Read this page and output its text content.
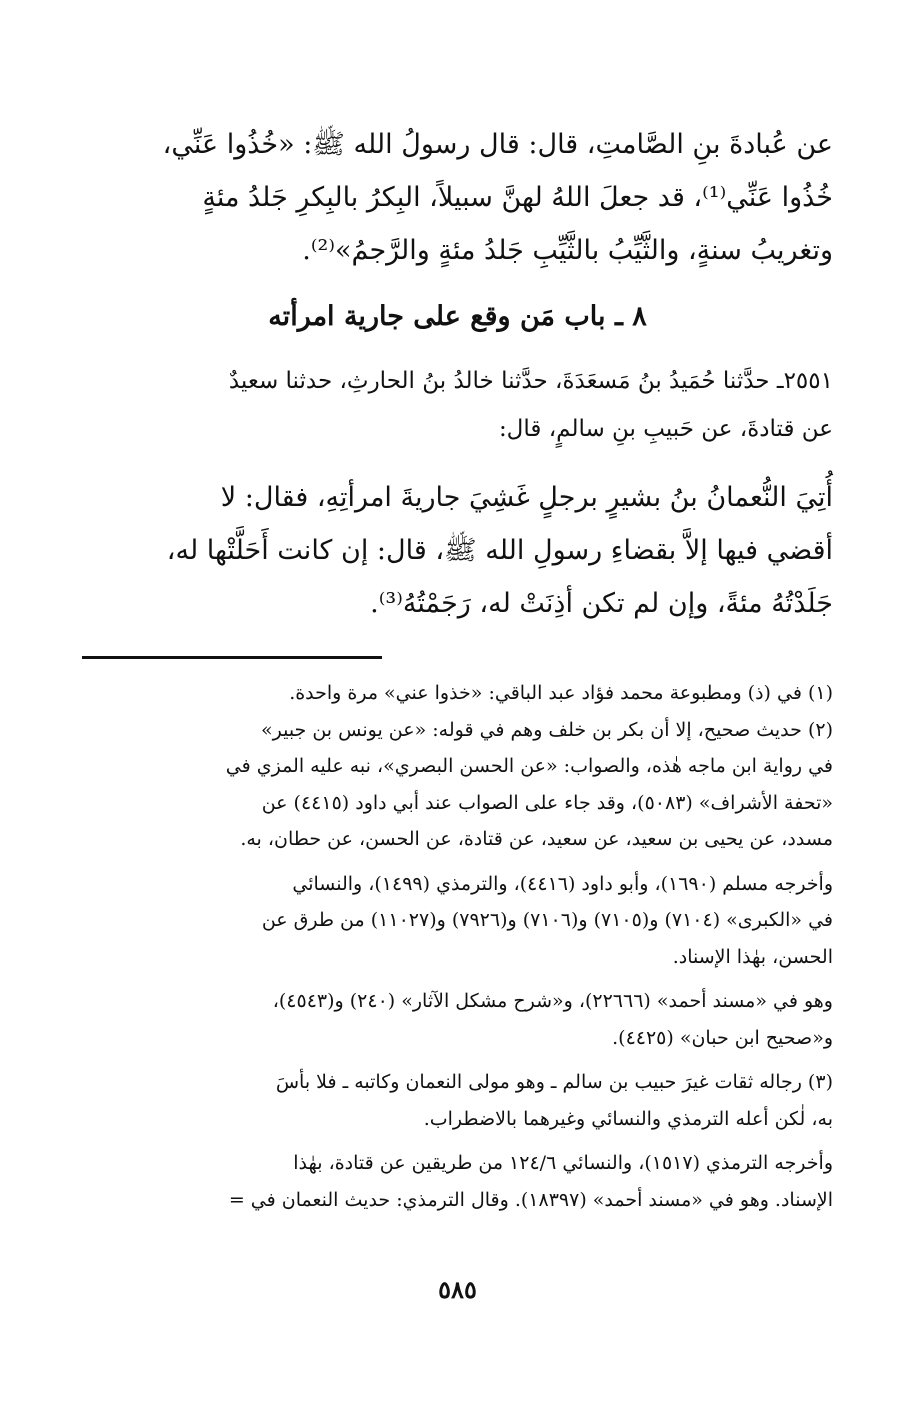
عن عُبادةَ بنِ الصَّامتِ، قال: قال رسولُ الله ﷺ: «خُذُوا عَنِّي،

خُذُوا عَنِّي⁽¹⁾، قد جعلَ اللهُ لهنَّ سبيلاً، البِكرُ بالبِكرِ جَلدُ مئةٍ

وتغريبُ سنةٍ، والثَّيِّبُ بالثَّيِّبِ جَلدُ مئةٍ والرَّجمُ»⁽²⁾.

٨ ـ باب مَن وقع على جارية امرأته

٢٥٥١ـ حدَّثنا حُمَيدُ بنُ مَسعَدَةَ، حدَّثنا خالدُ بنُ الحارثِ، حدثنا سعيدٌ

عن قتادةَ، عن حَبيبِ بنِ سالمٍ، قال:

أُتِيَ النُّعمانُ بنُ بشيرٍ برجلٍ غَشِيَ جاريةَ امرأتِهِ، فقال: لا

أقضي فيها إلاَّ بقضاءِ رسولِ الله ﷺ، قال: إن كانت أَحَلَّتْها له،

جَلَدْتُهُ مئةً، وإن لم تكن أذِنَتْ له، رَجَمْتُهُ⁽³⁾.

(١) في (ذ) ومطبوعة محمد فؤاد عبد الباقي: «خذوا عني» مرة واحدة.

(٢) حديث صحيح، إلا أن بكر بن خلف وهم في قوله: «عن يونس بن جبير»

في رواية ابن ماجه هٰذه، والصواب: «عن الحسن البصري»، نبه عليه المزي في

«تحفة الأشراف» (٥٠٨٣)، وقد جاء على الصواب عند أبي داود (٤٤١٥) عن

مسدد، عن يحيى بن سعيد، عن سعيد، عن قتادة، عن الحسن، عن حطان، به.

وأخرجه مسلم (١٦٩٠)، وأبو داود (٤٤١٦)، والترمذي (١٤٩٩)، والنسائي

في «الكبرى» (٧١٠٤) و(٧١٠٥) و(٧١٠٦) و(٧٩٢٦) و(١١٠٢٧) من طرق عن

الحسن، بهٰذا الإسناد.

وهو في «مسند أحمد» (٢٢٦٦٦)، و«شرح مشكل الآثار» (٢٤٠) و(٤٥٤٣)،

و«صحيح ابن حبان» (٤٤٢٥).

(٣) رجاله ثقات غيرَ حبيب بن سالم ـ وهو مولى النعمان وكاتبه ـ فلا بأسَ

به، لٰكن أعله الترمذي والنسائي وغيرهما بالاضطراب.

وأخرجه الترمذي (١٥١٧)، والنسائي ١٢٤/٦ من طريقين عن قتادة، بهٰذا

الإسناد. وهو في «مسند أحمد» (١٨٣٩٧). وقال الترمذي: حديث النعمان في =

٥٨٥
